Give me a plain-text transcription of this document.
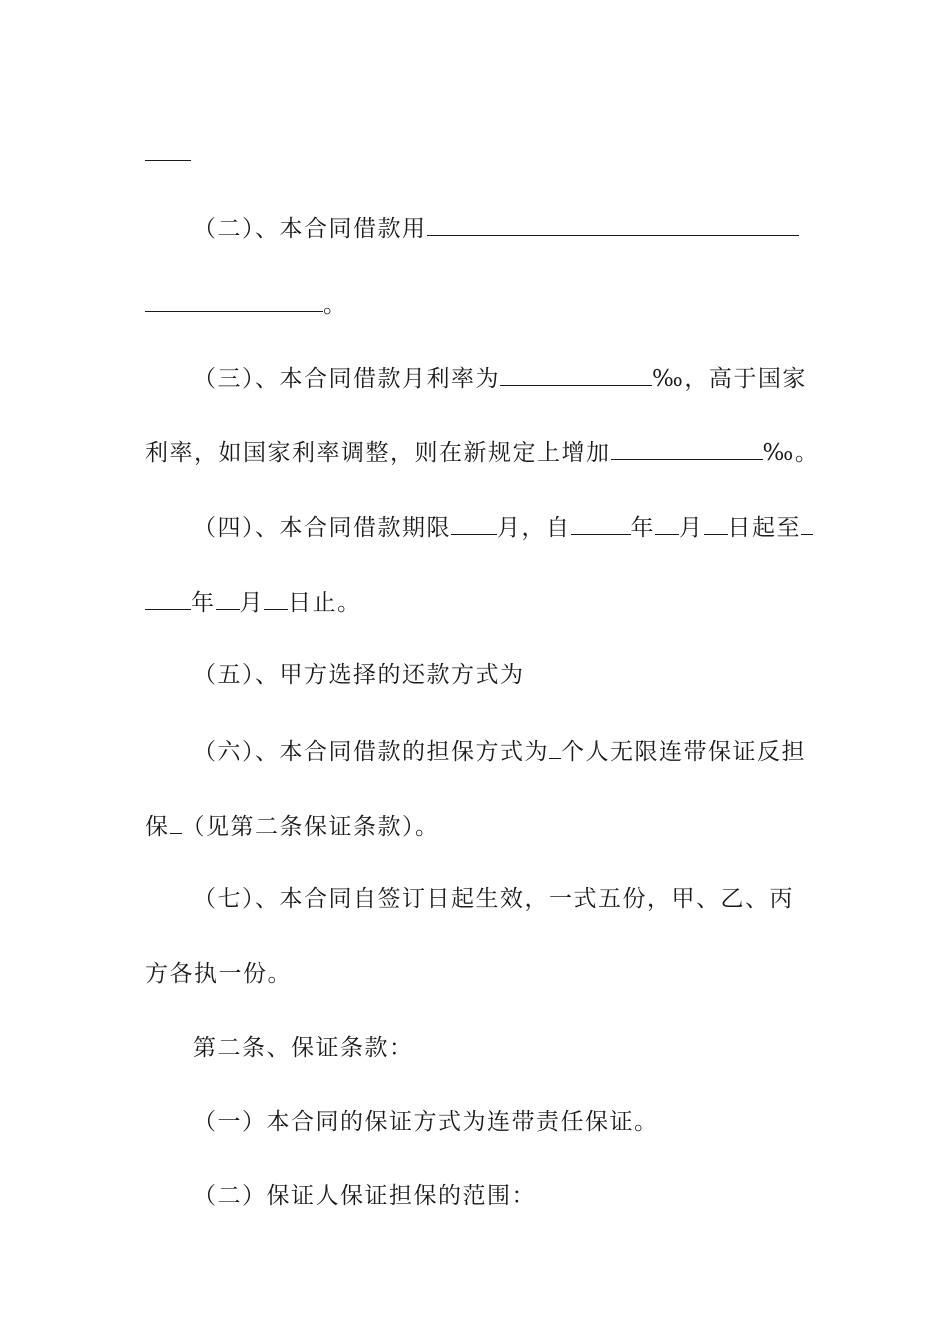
（二）、本合同借款用
。
（三）、本合同借款月利率为	‰，高于国家
利率，如国家利率调整，则在新规定上增加	‰。
（四）、本合同借款期限 月，自	年 月 日起至
年 月 日止。
（五）、甲方选择的还款方式为
（六）、本合同借款的担保方式为 个人无限连带保证反担
保 （见第二条保证条款）。
（七）、本合同自签订日起生效，一式五份，甲、乙、丙
方各执一份。
第二条、保证条款：
（一）本合同的保证方式为连带责任保证。
（二）保证人保证担保的范围：
